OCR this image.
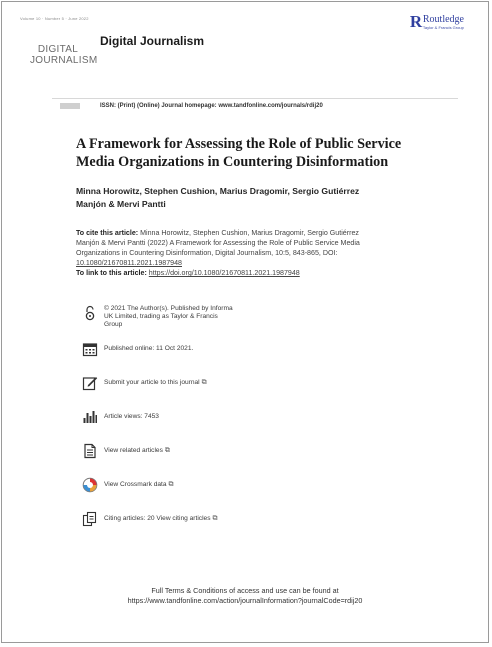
Volume 10 · Number 5 · June 2022
DIGITAL
JOURNALISM
Digital Journalism
R Routledge
Taylor & Francis Group
ISSN: (Print) (Online) Journal homepage: www.tandfonline.com/journals/rdij20
A Framework for Assessing the Role of Public Service
Media Organizations in Countering Disinformation
Minna Horowitz, Stephen Cushion, Marius Dragomir, Sergio Gutiérrez
Manjón & Mervi Pantti
To cite this article: Minna Horowitz, Stephen Cushion, Marius Dragomir, Sergio Gutiérrez
Manjón & Mervi Pantti (2022) A Framework for Assessing the Role of Public Service Media
Organizations in Countering Disinformation, Digital Journalism, 10:5, 843-865, DOI:
10.1080/21670811.2021.1987948
To link to this article: https://doi.org/10.1080/21670811.2021.1987948
© 2021 The Author(s). Published by Informa
UK Limited, trading as Taylor & Francis
Group
Published online: 11 Oct 2021.
Submit your article to this journal ⧉
Article views: 7453
View related articles ⧉
View Crossmark data ⧉
Citing articles: 20 View citing articles ⧉
Full Terms & Conditions of access and use can be found at
https://www.tandfonline.com/action/journalInformation?journalCode=rdij20
